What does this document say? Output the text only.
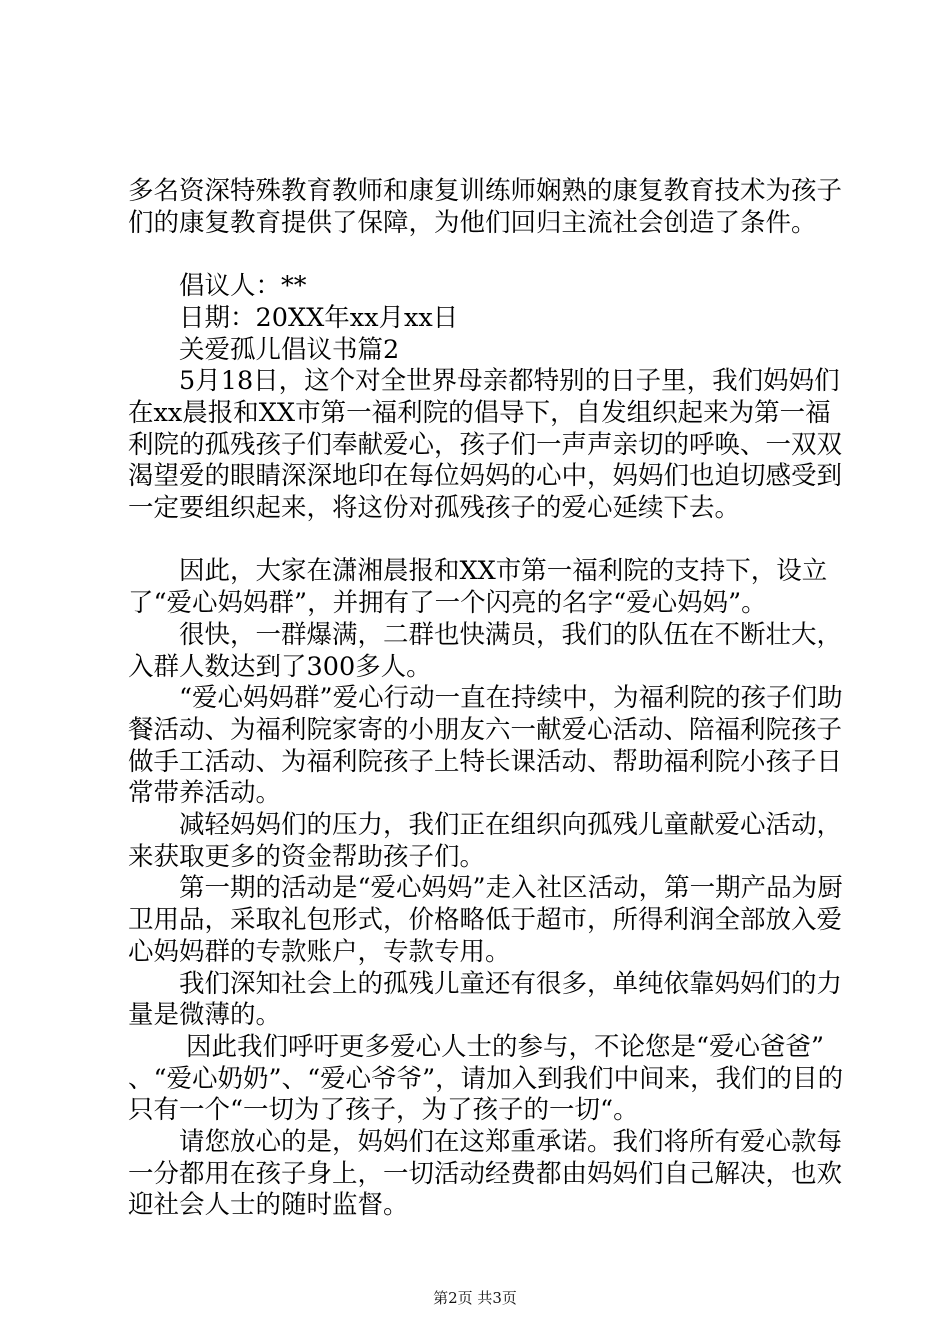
多名资深特殊教育教师和康复训练师娴熟的康复教育技术为孩子们的康复教育提供了保障，为他们回归主流社会创造了条件。

倡议人：**

日期：20XX年xx月xx日

关爱孤儿倡议书篇2

5月18日，这个对全世界母亲都特别的日子里，我们妈妈们在xx晨报和XX市第一福利院的倡导下，自发组织起来为第一福利院的孤残孩子们奉献爱心，孩子们一声声亲切的呼唤、一双双渴望爱的眼睛深深地印在每位妈妈的心中，妈妈们也迫切感受到一定要组织起来，将这份对孤残孩子的爱心延续下去。

因此，大家在潇湘晨报和XX市第一福利院的支持下，设立了“爱心妈妈群”，并拥有了一个闪亮的名字“爱心妈妈”。

很快，一群爆满，二群也快满员，我们的队伍在不断壮大，入群人数达到了300多人。

“爱心妈妈群”爱心行动一直在持续中，为福利院的孩子们助餐活动、为福利院家寄的小朋友六一献爱心活动、陪福利院孩子做手工活动、为福利院孩子上特长课活动、帮助福利院小孩子日常带养活动。

减轻妈妈们的压力，我们正在组织向孤残儿童献爱心活动，来获取更多的资金帮助孩子们。

第一期的活动是“爱心妈妈”走入社区活动，第一期产品为厨卫用品，采取礼包形式，价格略低于超市，所得利润全部放入爱心妈妈群的专款账户，专款专用。

我们深知社会上的孤残儿童还有很多，单纯依靠妈妈们的力量是微薄的。

因此我们呼吁更多爱心人士的参与，不论您是“爱心爸爸”、“爱心奶奶”、“爱心爷爷”，请加入到我们中间来，我们的目的只有一个“一切为了孩子，为了孩子的一切“。

请您放心的是，妈妈们在这郑重承诺。我们将所有爱心款每一分都用在孩子身上，一切活动经费都由妈妈们自己解决，也欢迎社会人士的随时监督。

第2页 共3页
